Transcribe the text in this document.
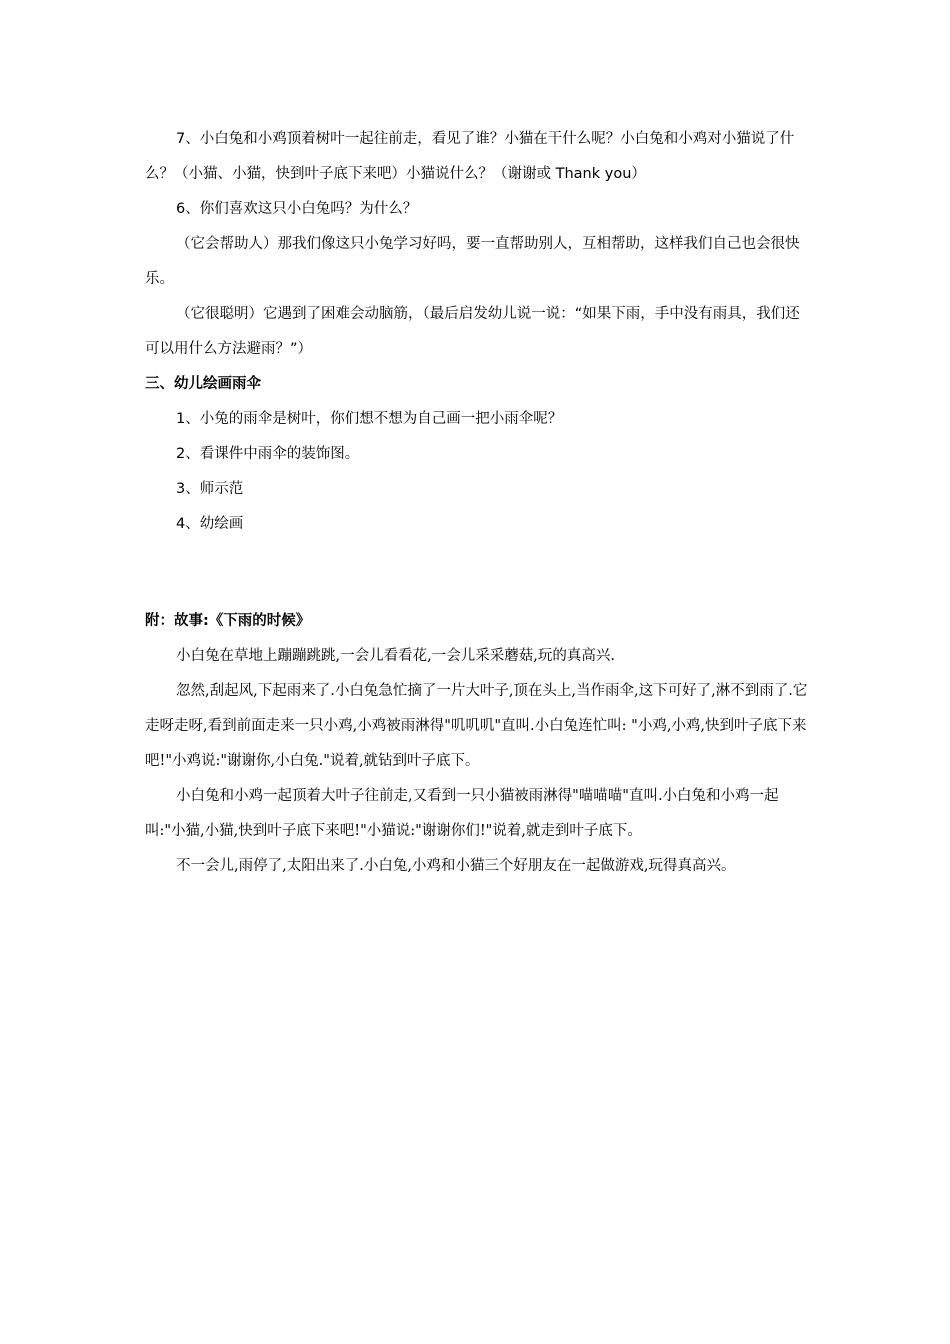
7、小白兔和小鸡顶着树叶一起往前走，看见了谁？小猫在干什么呢？小白兔和小鸡对小猫说了什么？（小猫、小猫，快到叶子底下来吧）小猫说什么？（谢谢或 Thank you）

6、你们喜欢这只小白兔吗？为什么？

（它会帮助人）那我们像这只小兔学习好吗，要一直帮助别人，互相帮助，这样我们自己也会很快乐。

（它很聪明）它遇到了困难会动脑筋，（最后启发幼儿说一说：“如果下雨，手中没有雨具，我们还可以用什么方法避雨？”）

三、幼儿绘画雨伞

1、小兔的雨伞是树叶，你们想不想为自己画一把小雨伞呢？

2、看课件中雨伞的装饰图。

3、师示范

4、幼绘画

附：故事:《下雨的时候》

小白兔在草地上蹦蹦跳跳,一会儿看看花,一会儿采采蘑菇,玩的真高兴.

忽然,刮起风,下起雨来了.小白兔急忙摘了一片大叶子,顶在头上,当作雨伞,这下可好了,淋不到雨了.它走呀走呀,看到前面走来一只小鸡,小鸡被雨淋得"叽叽叽"直叫.小白兔连忙叫: "小鸡,小鸡,快到叶子底下来吧!"小鸡说:"谢谢你,小白兔."说着,就钻到叶子底下。

小白兔和小鸡一起顶着大叶子往前走,又看到一只小猫被雨淋得"喵喵喵"直叫.小白兔和小鸡一起叫:"小猫,小猫,快到叶子底下来吧!"小猫说:"谢谢你们!"说着,就走到叶子底下。

不一会儿,雨停了,太阳出来了.小白兔,小鸡和小猫三个好朋友在一起做游戏,玩得真高兴。
